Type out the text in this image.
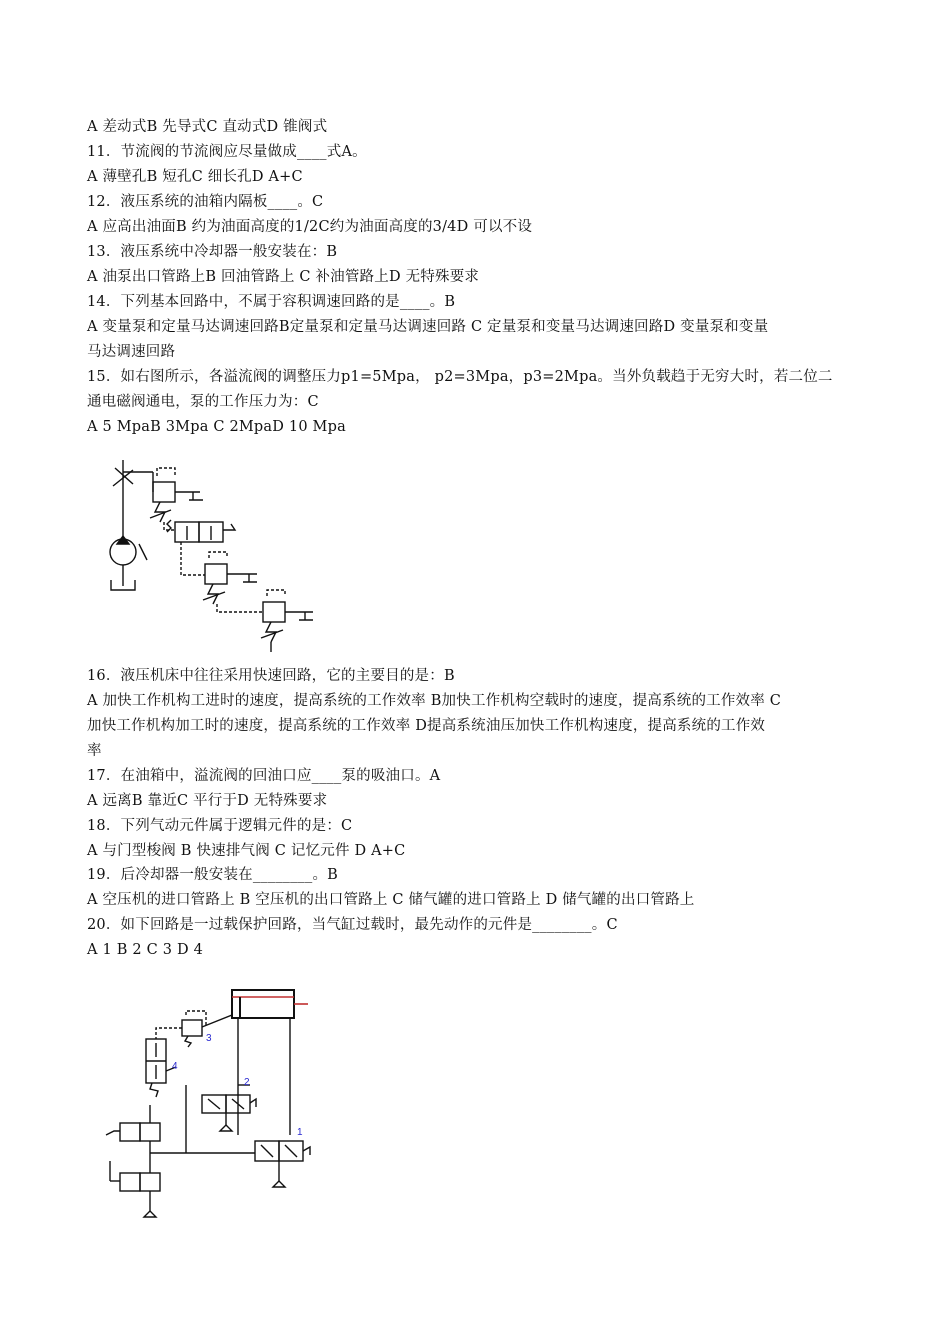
A 差动式B 先导式C 直动式D 锥阀式
11．节流阀的节流阀应尽量做成____式A。
A 薄壁孔B 短孔C 细长孔D A+C
12．液压系统的油箱内隔板____。C
A 应高出油面B 约为油面高度的1/2C约为油面高度的3/4D 可以不设
13．液压系统中冷却器一般安装在：B
A 油泵出口管路上B 回油管路上 C 补油管路上D 无特殊要求
14．下列基本回路中，不属于容积调速回路的是____。B
A 变量泵和定量马达调速回路B定量泵和定量马达调速回路 C 定量泵和变量马达调速回路D 变量泵和变量
马达调速回路
15．如右图所示，各溢流阀的调整压力p1=5Mpa， p2=3Mpa，p3=2Mpa。当外负载趋于无穷大时，若二位二
通电磁阀通电，泵的工作压力为：C
A 5 MpaB 3Mpa C 2MpaD 10 Mpa
16．液压机床中往往采用快速回路，它的主要目的是：B
A 加快工作机构工进时的速度，提高系统的工作效率 B加快工作机构空载时的速度，提高系统的工作效率 C
加快工作机构加工时的速度，提高系统的工作效率 D提高系统油压加快工作机构速度，提高系统的工作效
率
17．在油箱中，溢流阀的回油口应____泵的吸油口。A
A 远离B 靠近C 平行于D 无特殊要求
18．下列气动元件属于逻辑元件的是：C
A 与门型梭阀 B 快速排气阀 C 记忆元件 D A+C
19．后冷却器一般安装在________。B
A 空压机的进口管路上 B 空压机的出口管路上 C 储气罐的进口管路上 D 储气罐的出口管路上
20．如下回路是一过载保护回路，当气缸过载时，最先动作的元件是________。C
A 1 B 2 C 3 D 4
3
4
2
1
